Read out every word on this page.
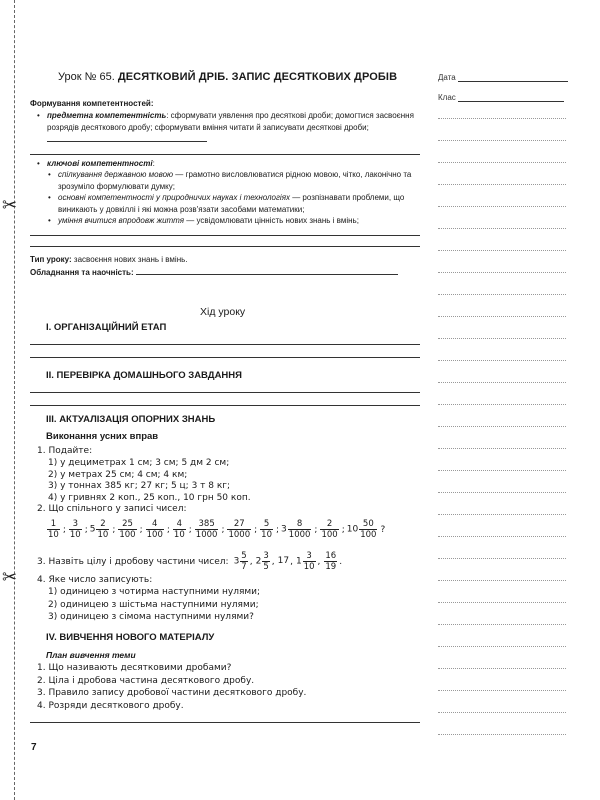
✂
✂
Дата
Клас
Урок № 65. ДЕСЯТКОВИЙ ДРІБ. ЗАПИС ДЕСЯТКОВИХ ДРОБІВ
Формування компетентностей:
• предметна компетентність: сформувати уявлення про десяткові дроби; домогтися засвоєння розрядів десяткового дробу; сформувати вміння читати й записувати десяткові дроби;
• ключові компетентності:
• спілкування державною мовою — грамотно висловлюватися рідною мовою, чітко, лаконічно та зрозуміло формулювати думку;
• основні компетентності у природничих науках і технологіях — розпізнавати проблеми, що виникають у довкіллі і які можна розв'язати засобами математики;
• уміння вчитися впродовж життя — усвідомлювати цінність нових знань і вмінь;
Тип уроку: засвоєння нових знань і вмінь.
Обладнання та наочність:
Хід уроку
I. ОРГАНІЗАЦІЙНИЙ ЕТАП
II. ПЕРЕВІРКА ДОМАШНЬОГО ЗАВДАННЯ
III. АКТУАЛІЗАЦІЯ ОПОРНИХ ЗНАНЬ
Виконання усних вправ
1. Подайте:
1) у дециметрах 1 см; 3 см; 5 дм 2 см;
2) у метрах 25 см; 4 см; 4 км;
3) у тоннах 385 кг; 27 кг; 5 ц; 3 т 8 кг;
4) у гривнях 2 коп., 25 коп., 10 грн 50 коп.
2. Що спільного у записі чисел:
$\frac{1}{10}$ ; $\frac{3}{10}$ ; $5 \frac{2}{10}$ ; $\frac{25}{100}$ ; $\frac{4}{100}$ ; $\frac{4}{10}$ ; $\frac{385}{1000}$ ; $\frac{27}{1000}$ ; $\frac{5}{10}$ ; $3 \frac{8}{1000}$ ; $\frac{2}{100}$ ; $10 \frac{50}{100}$ ?
3. Назвіть цілу і дробову частини чисел: $3 \frac{5}{7}$ , $2 \frac{3}{5}$ , 17, $1 \frac{3}{10}$ , $\frac{16}{19}$ .
4. Яке число записують:
1) одиницею з чотирма наступними нулями;
2) одиницею з шістьма наступними нулями;
3) одиницею з сімома наступними нулями?
IV. ВИВЧЕННЯ НОВОГО МАТЕРІАЛУ
План вивчення теми
1. Що називають десятковими дробами?
2. Ціла і дробова частина десяткового дробу.
3. Правило запису дробової частини десяткового дробу.
4. Розряди десяткового дробу.
7
